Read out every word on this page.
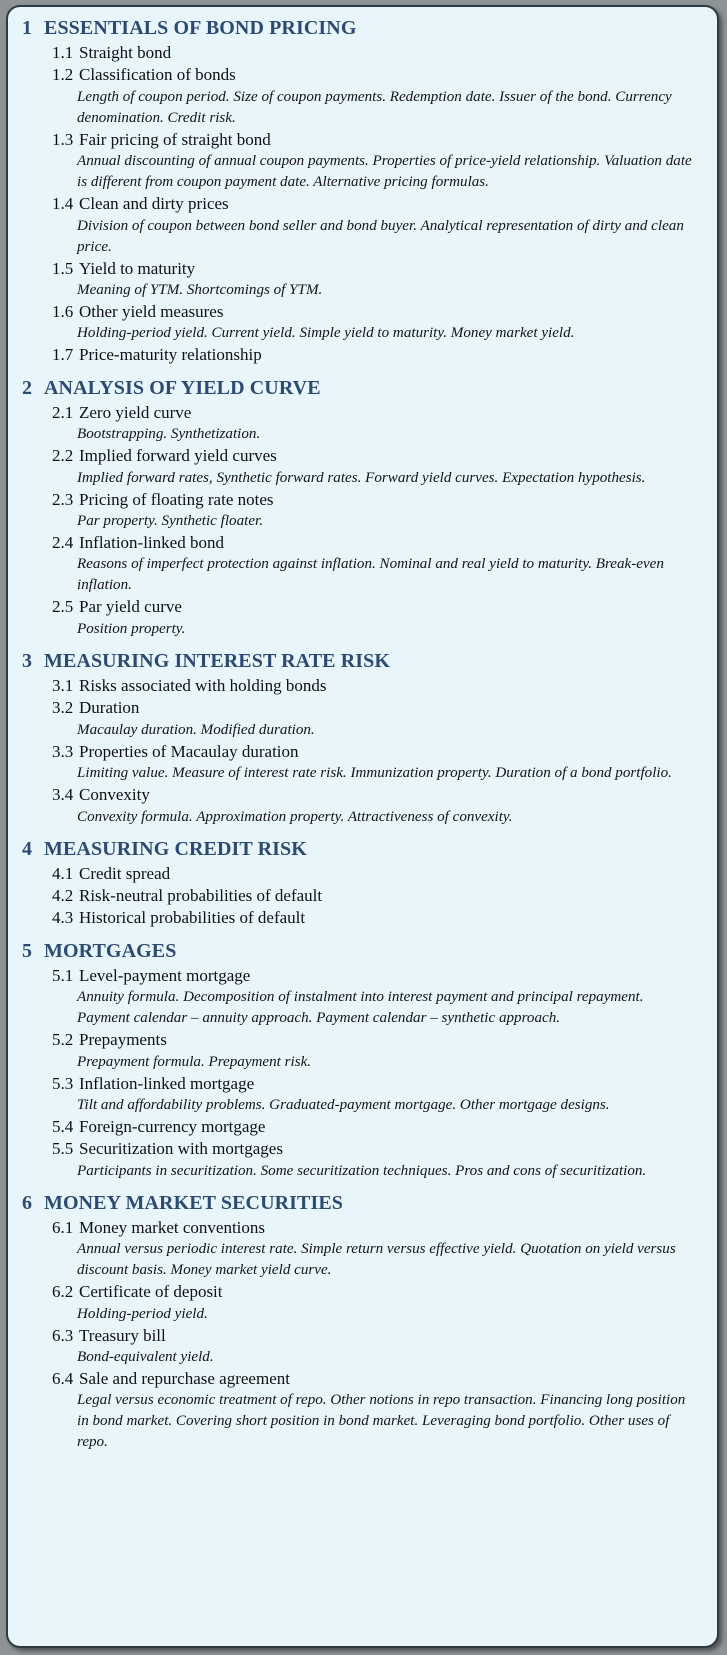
1 ESSENTIALS OF BOND PRICING
1.1 Straight bond
1.2 Classification of bonds
Length of coupon period. Size of coupon payments. Redemption date. Issuer of the bond. Currency denomination. Credit risk.
1.3 Fair pricing of straight bond
Annual discounting of annual coupon payments. Properties of price-yield relationship. Valuation date is different from coupon payment date. Alternative pricing formulas.
1.4 Clean and dirty prices
Division of coupon between bond seller and bond buyer. Analytical representation of dirty and clean price.
1.5 Yield to maturity
Meaning of YTM. Shortcomings of YTM.
1.6 Other yield measures
Holding-period yield. Current yield. Simple yield to maturity. Money market yield.
1.7 Price-maturity relationship
2 ANALYSIS OF YIELD CURVE
2.1 Zero yield curve
Bootstrapping. Synthetization.
2.2 Implied forward yield curves
Implied forward rates, Synthetic forward rates. Forward yield curves. Expectation hypothesis.
2.3 Pricing of floating rate notes
Par property. Synthetic floater.
2.4 Inflation-linked bond
Reasons of imperfect protection against inflation. Nominal and real yield to maturity. Break-even inflation.
2.5 Par yield curve
Position property.
3 MEASURING INTEREST RATE RISK
3.1 Risks associated with holding bonds
3.2 Duration
Macaulay duration. Modified duration.
3.3 Properties of Macaulay duration
Limiting value. Measure of interest rate risk. Immunization property. Duration of a bond portfolio.
3.4 Convexity
Convexity formula. Approximation property. Attractiveness of convexity.
4 MEASURING CREDIT RISK
4.1 Credit spread
4.2 Risk-neutral probabilities of default
4.3 Historical probabilities of default
5 MORTGAGES
5.1 Level-payment mortgage
Annuity formula. Decomposition of instalment into interest payment and principal repayment. Payment calendar – annuity approach. Payment calendar – synthetic approach.
5.2 Prepayments
Prepayment formula. Prepayment risk.
5.3 Inflation-linked mortgage
Tilt and affordability problems. Graduated-payment mortgage. Other mortgage designs.
5.4 Foreign-currency mortgage
5.5 Securitization with mortgages
Participants in securitization. Some securitization techniques. Pros and cons of securitization.
6 MONEY MARKET SECURITIES
6.1 Money market conventions
Annual versus periodic interest rate. Simple return versus effective yield. Quotation on yield versus discount basis. Money market yield curve.
6.2 Certificate of deposit
Holding-period yield.
6.3 Treasury bill
Bond-equivalent yield.
6.4 Sale and repurchase agreement
Legal versus economic treatment of repo. Other notions in repo transaction. Financing long position in bond market. Covering short position in bond market. Leveraging bond portfolio. Other uses of repo.
